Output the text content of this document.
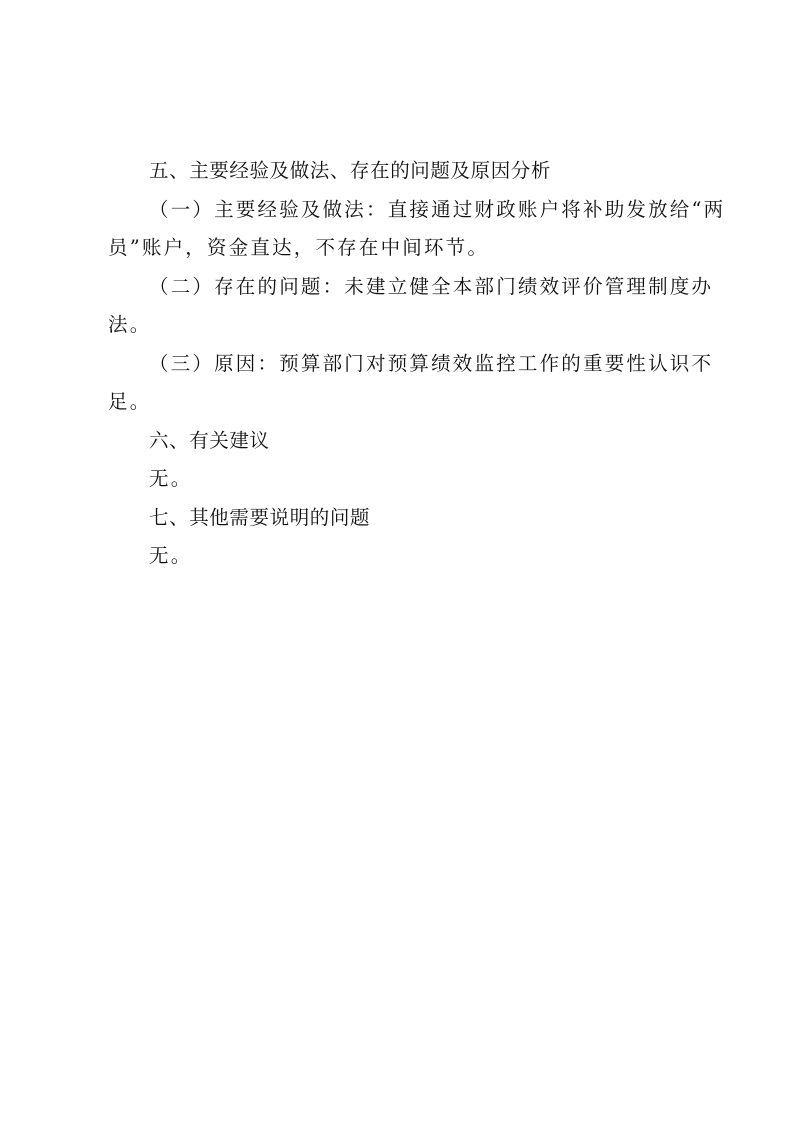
五、主要经验及做法、存在的问题及原因分析
（一）主要经验及做法：直接通过财政账户将补助发放给“两
员”账户，资金直达，不存在中间环节。
（二）存在的问题：未建立健全本部门绩效评价管理制度办
法。
（三）原因：预算部门对预算绩效监控工作的重要性认识不
足。
六、有关建议
无。
七、其他需要说明的问题
无。
